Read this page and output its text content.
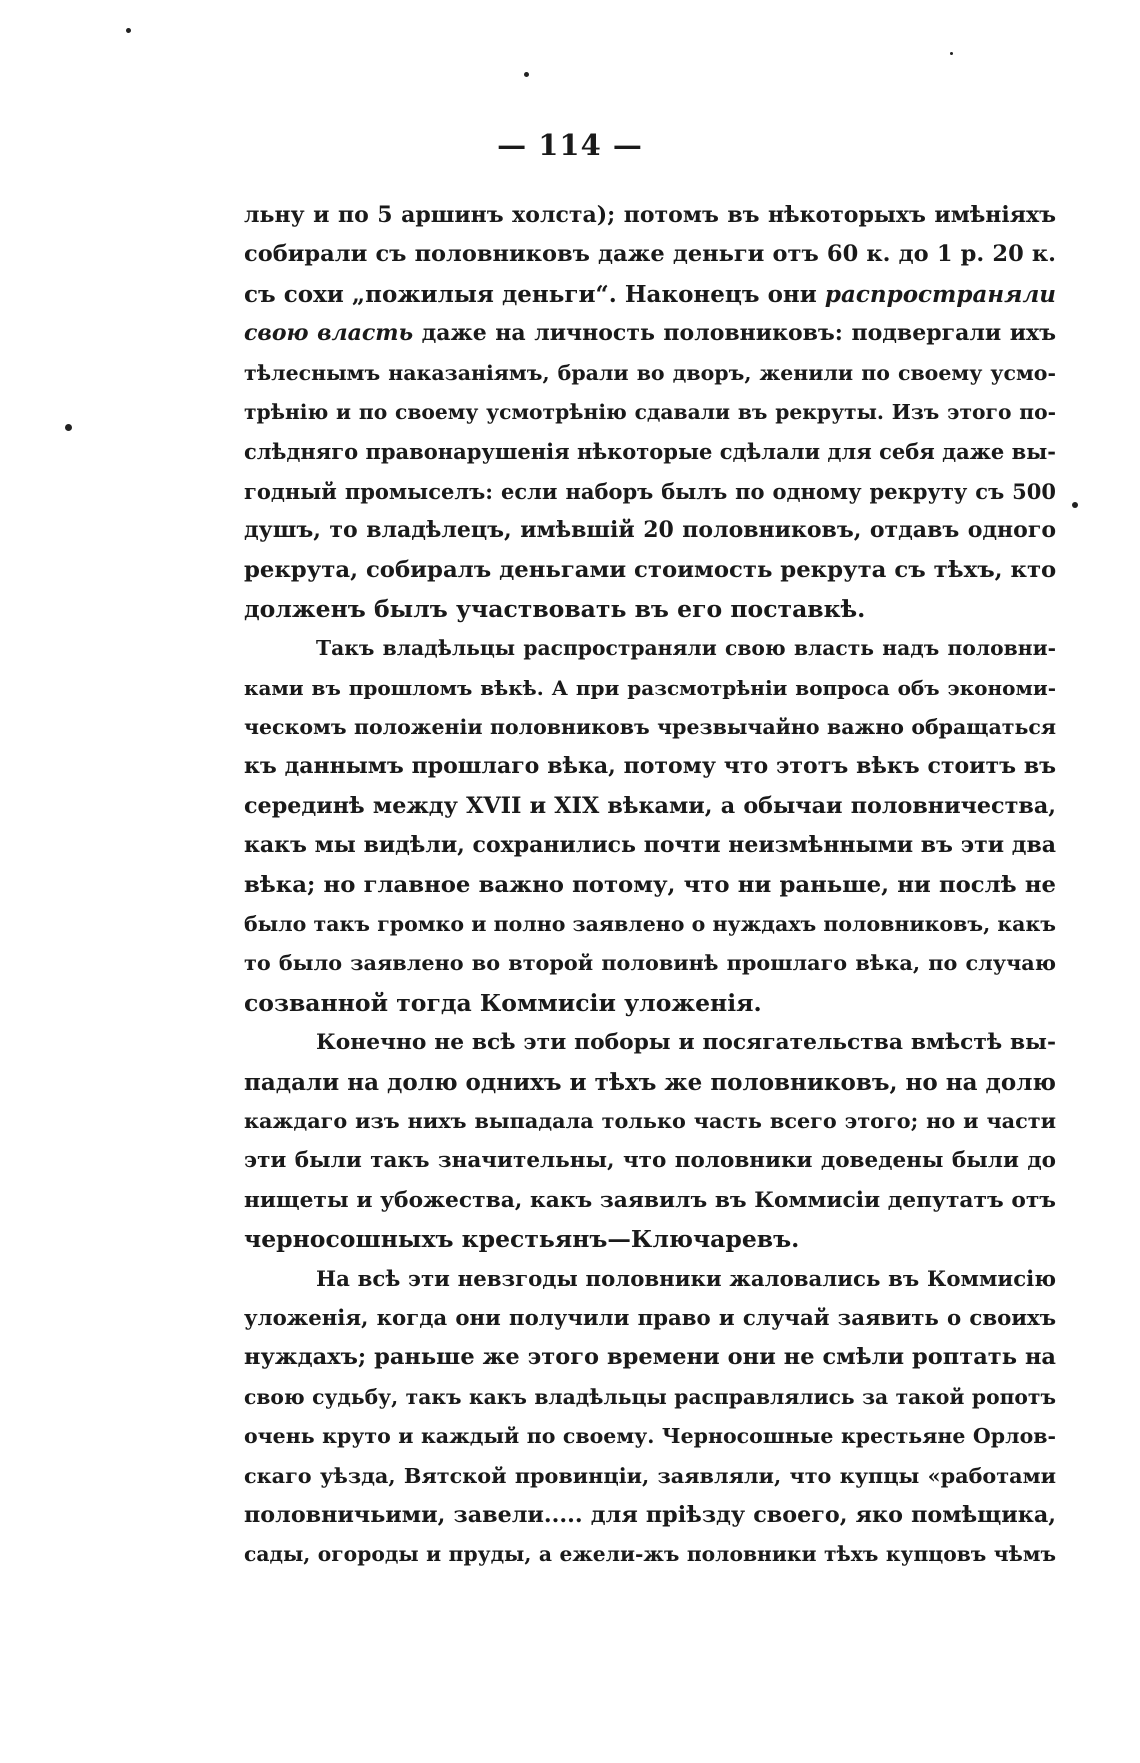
— 114 —
льну и по 5 аршинъ холста); потомъ въ нѣкоторыхъ имѣніяхъ
собирали съ половниковъ даже деньги отъ 60 к. до 1 р. 20 к.
съ сохи „пожилыя деньги“. Наконецъ они распространяли
свою власть даже на личность половниковъ: подвергали ихъ
тѣлеснымъ наказаніямъ, брали во дворъ, женили по своему усмо-
трѣнію и по своему усмотрѣнію сдавали въ рекруты. Изъ этого по-
слѣдняго правонарушенія нѣкоторые сдѣлали для себя даже вы-
годный промыселъ: если наборъ былъ по одному рекруту съ 500
душъ, то владѣлецъ, имѣвшій 20 половниковъ, отдавъ одного
рекрута, собиралъ деньгами стоимость рекрута съ тѣхъ, кто
долженъ былъ участвовать въ его поставкѣ.
Такъ владѣльцы распространяли свою власть надъ половни-
ками въ прошломъ вѣкѣ. А при разсмотрѣніи вопроса объ экономи-
ческомъ положеніи половниковъ чрезвычайно важно обращаться
къ даннымъ прошлаго вѣка, потому что этотъ вѣкъ стоитъ въ
серединѣ между XVII и XIX вѣками, а обычаи половничества,
какъ мы видѣли, сохранились почти неизмѣнными въ эти два
вѣка; но главное важно потому, что ни раньше, ни послѣ не
было такъ громко и полно заявлено о нуждахъ половниковъ, какъ
то было заявлено во второй половинѣ прошлаго вѣка, по случаю
созванной тогда Коммисіи уложенія.
Конечно не всѣ эти поборы и посягательства вмѣстѣ вы-
падали на долю однихъ и тѣхъ же половниковъ, но на долю
каждаго изъ нихъ выпадала только часть всего этого; но и части
эти были такъ значительны, что половники доведены были до
нищеты и убожества, какъ заявилъ въ Коммисіи депутатъ отъ
черносошныхъ крестьянъ—Ключаревъ.
На всѣ эти невзгоды половники жаловались въ Коммисію
уложенія, когда они получили право и случай заявить о своихъ
нуждахъ; раньше же этого времени они не смѣли роптать на
свою судьбу, такъ какъ владѣльцы расправлялись за такой ропотъ
очень круто и каждый по своему. Черносошные крестьяне Орлов-
скаго уѣзда, Вятской провинціи, заявляли, что купцы «работами
половничьими, завели..... для пріѣзду своего, яко помѣщика,
сады, огороды и пруды, а ежели-жъ половники тѣхъ купцовъ чѣмъ
